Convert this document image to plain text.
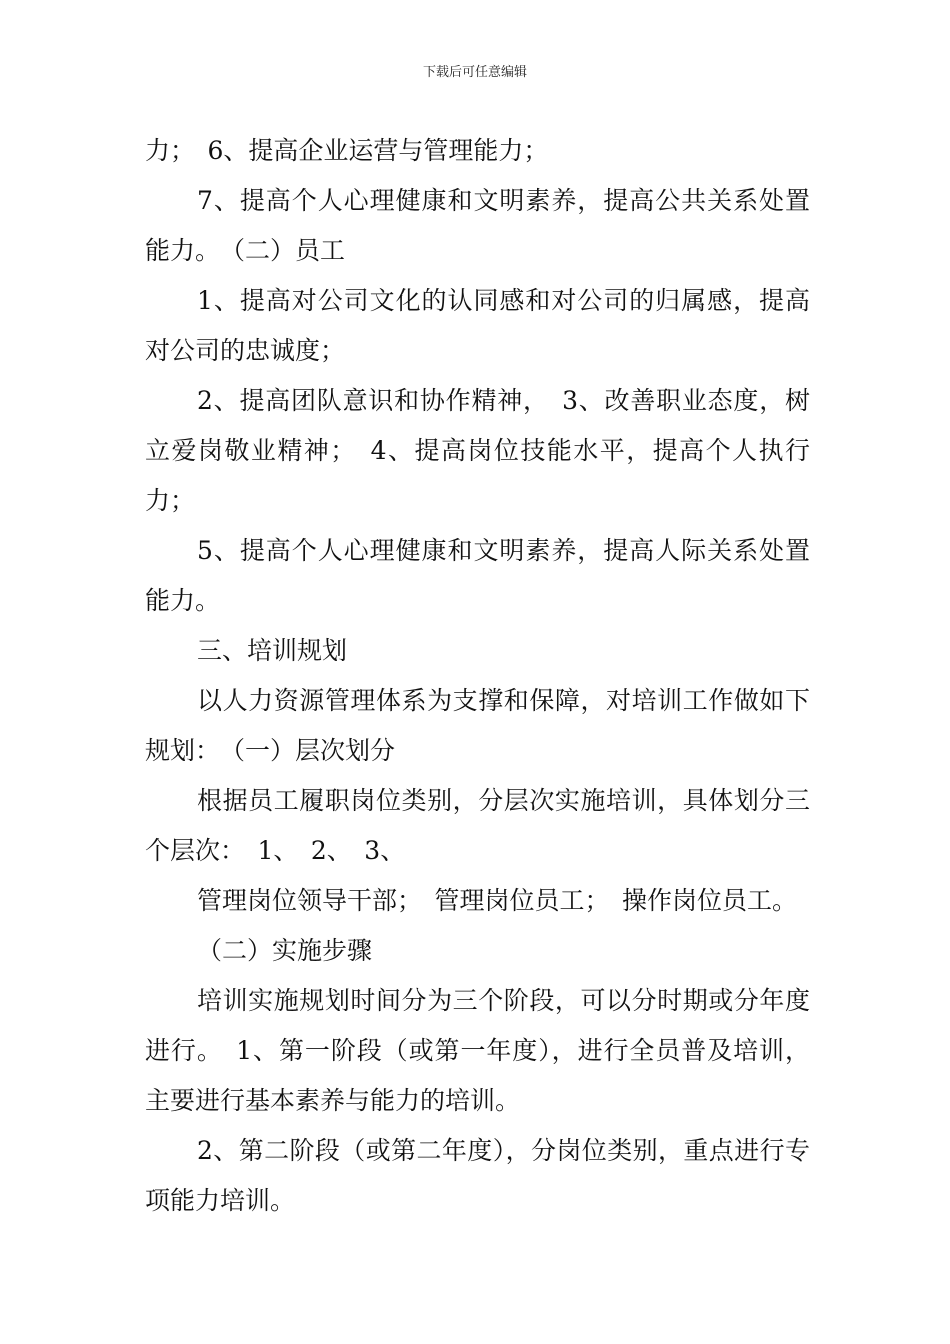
下载后可任意编辑

力；　6、提高企业运营与管理能力；

7、提高个人心理健康和文明素养，提高公共关系处置能力。　（二）员工

1、提高对公司文化的认同感和对公司的归属感，提高对公司的忠诚度；

2、提高团队意识和协作精神，　3、改善职业态度，树立爱岗敬业精神；　4、提高岗位技能水平，提高个人执行力；

5、提高个人心理健康和文明素养，提高人际关系处置能力。

三、培训规划

以人力资源管理体系为支撑和保障，对培训工作做如下规划：　（一）层次划分

根据员工履职岗位类别，分层次实施培训，具体划分三个层次：　1、　2、　3、

管理岗位领导干部；　管理岗位员工；　操作岗位员工。

（二）实施步骤

培训实施规划时间分为三个阶段，可以分时期或分年度进行。　1、第一阶段（或第一年度），进行全员普及培训，主要进行基本素养与能力的培训。

2、第二阶段（或第二年度），分岗位类别，重点进行专项能力培训。
